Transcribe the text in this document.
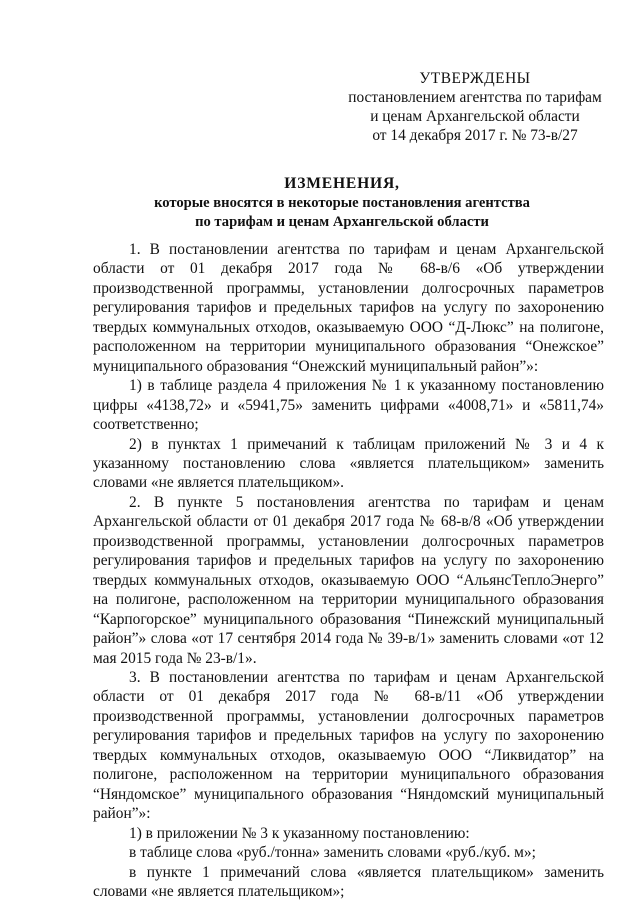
УТВЕРЖДЕНЫ
постановлением агентства по тарифам
и ценам Архангельской области
от 14 декабря 2017 г. № 73-в/27
ИЗМЕНЕНИЯ,
которые вносятся в некоторые постановления агентства
по тарифам и ценам Архангельской области

1. В постановлении агентства по тарифам и ценам Архангельской области от 01 декабря 2017 года № 68-в/6 «Об утверждении производственной программы, установлении долгосрочных параметров регулирования тарифов и предельных тарифов на услугу по захоронению твердых коммунальных отходов, оказываемую ООО “Д-Люкс” на полигоне, расположенном на территории муниципального образования “Онежское” муниципального образования “Онежский муниципальный район”»:

1) в таблице раздела 4 приложения № 1 к указанному постановлению цифры «4138,72» и «5941,75» заменить цифрами «4008,71» и «5811,74» соответственно;

2) в пунктах 1 примечаний к таблицам приложений № 3 и 4 к указанному постановлению слова «является плательщиком» заменить словами «не является плательщиком».

2. В пункте 5 постановления агентства по тарифам и ценам Архангельской области от 01 декабря 2017 года № 68-в/8 «Об утверждении производственной программы, установлении долгосрочных параметров регулирования тарифов и предельных тарифов на услугу по захоронению твердых коммунальных отходов, оказываемую ООО “АльянсТеплоЭнерго” на полигоне, расположенном на территории муниципального образования “Карпогорское” муниципального образования “Пинежский муниципальный район”» слова «от 17 сентября 2014 года № 39-в/1» заменить словами «от 12 мая 2015 года № 23-в/1».

3. В постановлении агентства по тарифам и ценам Архангельской области от 01 декабря 2017 года № 68-в/11 «Об утверждении производственной программы, установлении долгосрочных параметров регулирования тарифов и предельных тарифов на услугу по захоронению твердых коммунальных отходов, оказываемую ООО “Ликвидатор” на полигоне, расположенном на территории муниципального образования “Няндомское” муниципального образования “Няндомский муниципальный район”»:

1) в приложении № 3 к указанному постановлению:

в таблице слова «руб./тонна» заменить словами «руб./куб. м»;

в пункте 1 примечаний слова «является плательщиком» заменить словами «не является плательщиком»;
